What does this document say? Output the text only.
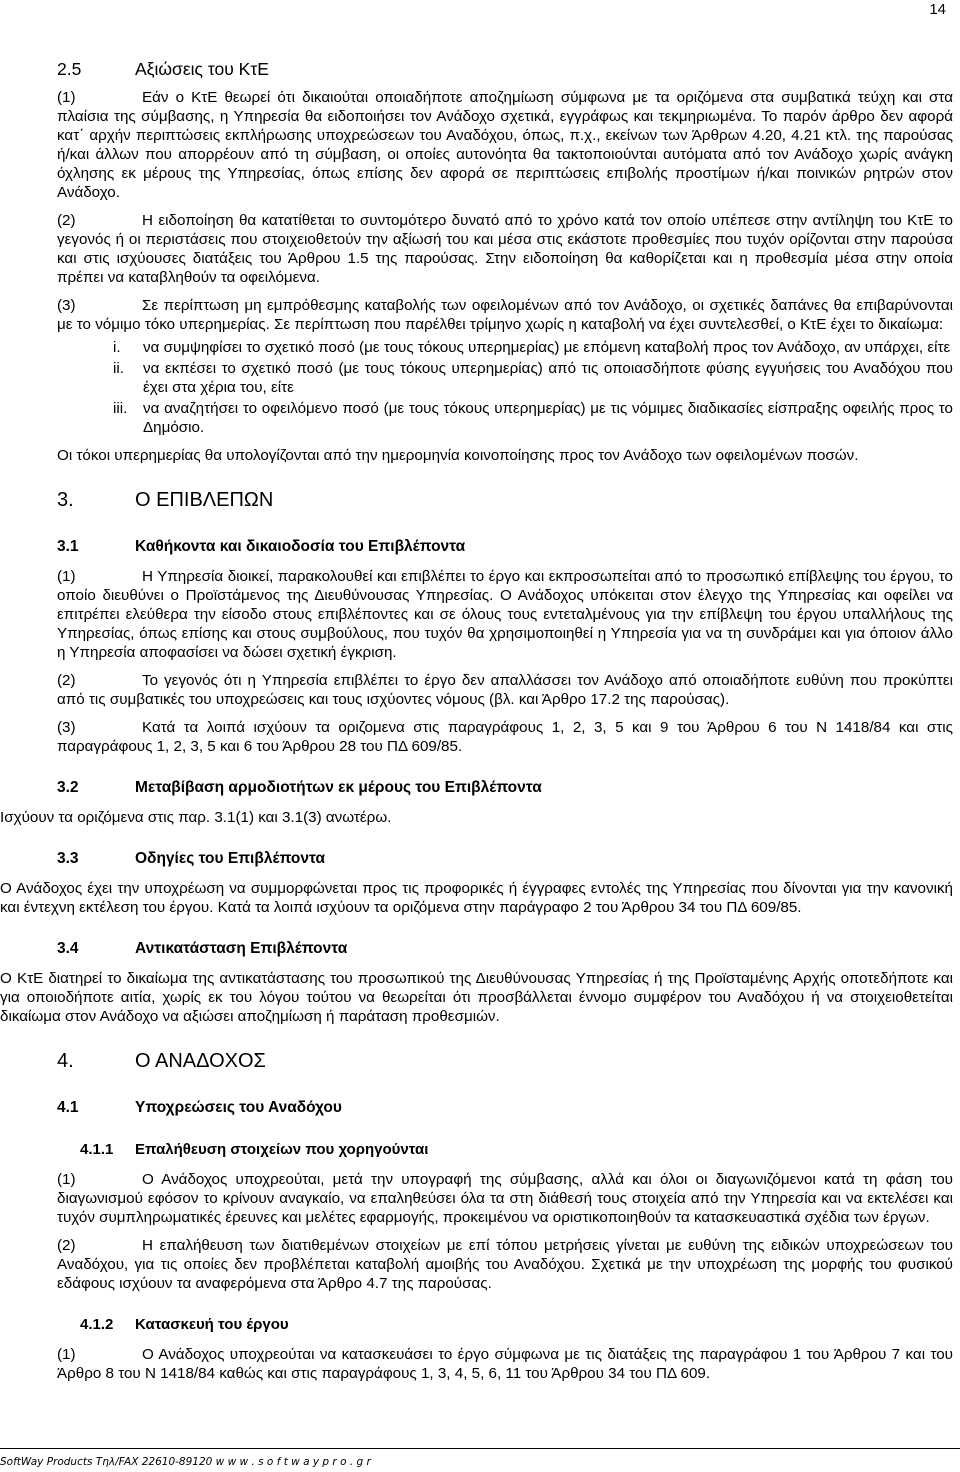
14
2.5	Αξιώσεις του ΚτΕ

(1)	Εάν ο ΚτΕ θεωρεί ότι δικαιούται οποιαδήποτε αποζημίωση σύμφωνα με τα οριζόμενα στα συμβατικά τεύχη και στα πλαίσια της σύμβασης, η Υπηρεσία θα ειδοποιήσει τον Ανάδοχο σχετικά, εγγράφως και τεκμηριωμένα. Το παρόν άρθρο δεν αφορά κατ΄ αρχήν περιπτώσεις εκπλήρωσης υποχρεώσεων του Αναδόχου, όπως, π.χ., εκείνων των Άρθρων 4.20, 4.21 κτλ. της παρούσας ή/και άλλων που απορρέουν από τη σύμβαση, οι οποίες αυτονόητα θα τακτοποιούνται αυτόματα από τον Ανάδοχο χωρίς ανάγκη όχλησης εκ μέρους της Υπηρεσίας, όπως επίσης δεν αφορά σε περιπτώσεις επιβολής προστίμων ή/και ποινικών ρητρών στον Ανάδοχο.

(2)	Η ειδοποίηση θα κατατίθεται το συντομότερο δυνατό από το χρόνο κατά τον οποίο υπέπεσε στην αντίληψη του ΚτΕ το γεγονός ή οι περιστάσεις που στοιχειοθετούν την αξίωσή του και μέσα στις εκάστοτε προθεσμίες που τυχόν ορίζονται στην παρούσα και στις ισχύουσες διατάξεις του Άρθρου 1.5 της παρούσας. Στην ειδοποίηση θα καθορίζεται και η προθεσμία μέσα στην οποία πρέπει να καταβληθούν τα οφειλόμενα.

(3)	Σε περίπτωση μη εμπρόθεσμης καταβολής των οφειλομένων από τον Ανάδοχο, οι σχετικές δαπάνες θα επιβαρύνονται με το νόμιμο τόκο υπερημερίας. Σε περίπτωση που παρέλθει τρίμηνο χωρίς η καταβολή να έχει συντελεσθεί, ο ΚτΕ έχει το δικαίωμα:

i. να συμψηφίσει το σχετικό ποσό (με τους τόκους υπερημερίας) με επόμενη καταβολή προς τον Ανάδοχο, αν υπάρχει, είτε

ii. να εκπέσει το σχετικό ποσό (με τους τόκους υπερημερίας) από τις οποιασδήποτε φύσης εγγυήσεις του Αναδόχου που έχει στα χέρια του, είτε

iii. να αναζητήσει το οφειλόμενο ποσό (με τους τόκους υπερημερίας) με τις νόμιμες διαδικασίες είσπραξης οφειλής προς το Δημόσιο.

Οι τόκοι υπερημερίας θα υπολογίζονται από την ημερομηνία κοινοποίησης προς τον Ανάδοχο των οφειλομένων ποσών.

3.	Ο ΕΠΙΒΛΕΠΩΝ
3.1	Καθήκοντα και δικαιοδοσία του Επιβλέποντα

(1)	Η Υπηρεσία διοικεί, παρακολουθεί και επιβλέπει το έργο και εκπροσωπείται από το προσωπικό επίβλεψης του έργου, το οποίο διευθύνει ο Προϊστάμενος της Διευθύνουσας Υπηρεσίας. Ο Ανάδοχος υπόκειται στον έλεγχο της Υπηρεσίας και οφείλει να επιτρέπει ελεύθερα την είσοδο στους επιβλέποντες και σε όλους τους εντεταλμένους για την επίβλεψη του έργου υπαλλήλους της Υπηρεσίας, όπως επίσης και στους συμβούλους, που τυχόν θα χρησιμοποιηθεί η Υπηρεσία για να τη συνδράμει και για όποιον άλλο η Υπηρεσία αποφασίσει να δώσει σχετική έγκριση.

(2)	Το γεγονός ότι η Υπηρεσία επιβλέπει το έργο δεν απαλλάσσει τον Ανάδοχο από οποιαδήποτε ευθύνη που προκύπτει από τις συμβατικές του υποχρεώσεις και τους ισχύοντες νόμους (βλ. και Άρθρο 17.2 της παρούσας).

(3)	Κατά τα λοιπά ισχύουν τα οριζομενα στις παραγράφους 1, 2, 3, 5 και 9 του Άρθρου 6 του Ν 1418/84 και στις παραγράφους 1, 2, 3, 5 και 6 του Άρθρου 28 του ΠΔ 609/85.

3.2	Μεταβίβαση αρμοδιοτήτων εκ μέρους του Επιβλέποντα

Ισχύουν τα οριζόμενα στις παρ. 3.1(1) και 3.1(3) ανωτέρω.

3.3	Οδηγίες του Επιβλέποντα

Ο Ανάδοχος έχει την υποχρέωση να συμμορφώνεται προς τις προφορικές ή έγγραφες εντολές της Υπηρεσίας που δίνονται για την κανονική και έντεχνη εκτέλεση του έργου. Κατά τα λοιπά ισχύουν τα οριζόμενα στην παράγραφο 2 του Άρθρου 34 του ΠΔ 609/85.

3.4	Αντικατάσταση Επιβλέποντα

Ο ΚτΕ διατηρεί το δικαίωμα της αντικατάστασης του προσωπικού της Διευθύνουσας Υπηρεσίας ή της Προϊσταμένης Αρχής οποτεδήποτε και για οποιοδήποτε αιτία, χωρίς εκ του λόγου τούτου να θεωρείται ότι προσβάλλεται έννομο συμφέρον του Αναδόχου ή να στοιχειοθετείται δικαίωμα στον Ανάδοχο να αξιώσει αποζημίωση ή παράταση προθεσμιών.

4.	Ο ΑΝΑΔΟΧΟΣ
4.1	Υποχρεώσεις του Αναδόχου
4.1.1 Επαλήθευση στοιχείων που χορηγούνται

(1)	Ο Ανάδοχος υποχρεούται, μετά την υπογραφή της σύμβασης, αλλά και όλοι οι διαγωνιζόμενοι κατά τη φάση του διαγωνισμού εφόσον το κρίνουν αναγκαίο, να επαληθεύσει όλα τα στη διάθεσή τους στοιχεία από την Υπηρεσία και να εκτελέσει και τυχόν συμπληρωματικές έρευνες και μελέτες εφαρμογής, προκειμένου να οριστικοποιηθούν τα κατασκευαστικά σχέδια των έργων.

(2)	Η επαλήθευση των διατιθεμένων στοιχείων με επί τόπου μετρήσεις γίνεται με ευθύνη της ειδικών υποχρεώσεων του Αναδόχου, για τις οποίες δεν προβλέπεται καταβολή αμοιβής του Αναδόχου. Σχετικά με την υποχρέωση της μορφής του φυσικού εδάφους ισχύουν τα αναφερόμενα στα Άρθρο 4.7 της παρούσας.

4.1.2 Κατασκευή του έργου

(1)	Ο Ανάδοχος υποχρεούται να κατασκευάσει το έργο σύμφωνα με τις διατάξεις της παραγράφου 1 του Άρθρου 7 και του Άρθρο 8 του Ν 1418/84 καθώς και στις παραγράφους 1, 3, 4, 5, 6, 11 του Άρθρου 34 του ΠΔ 609.

SoftWay Products Τηλ/FAX 22610-89120 w w w . s o f t w a y p r o . g r
